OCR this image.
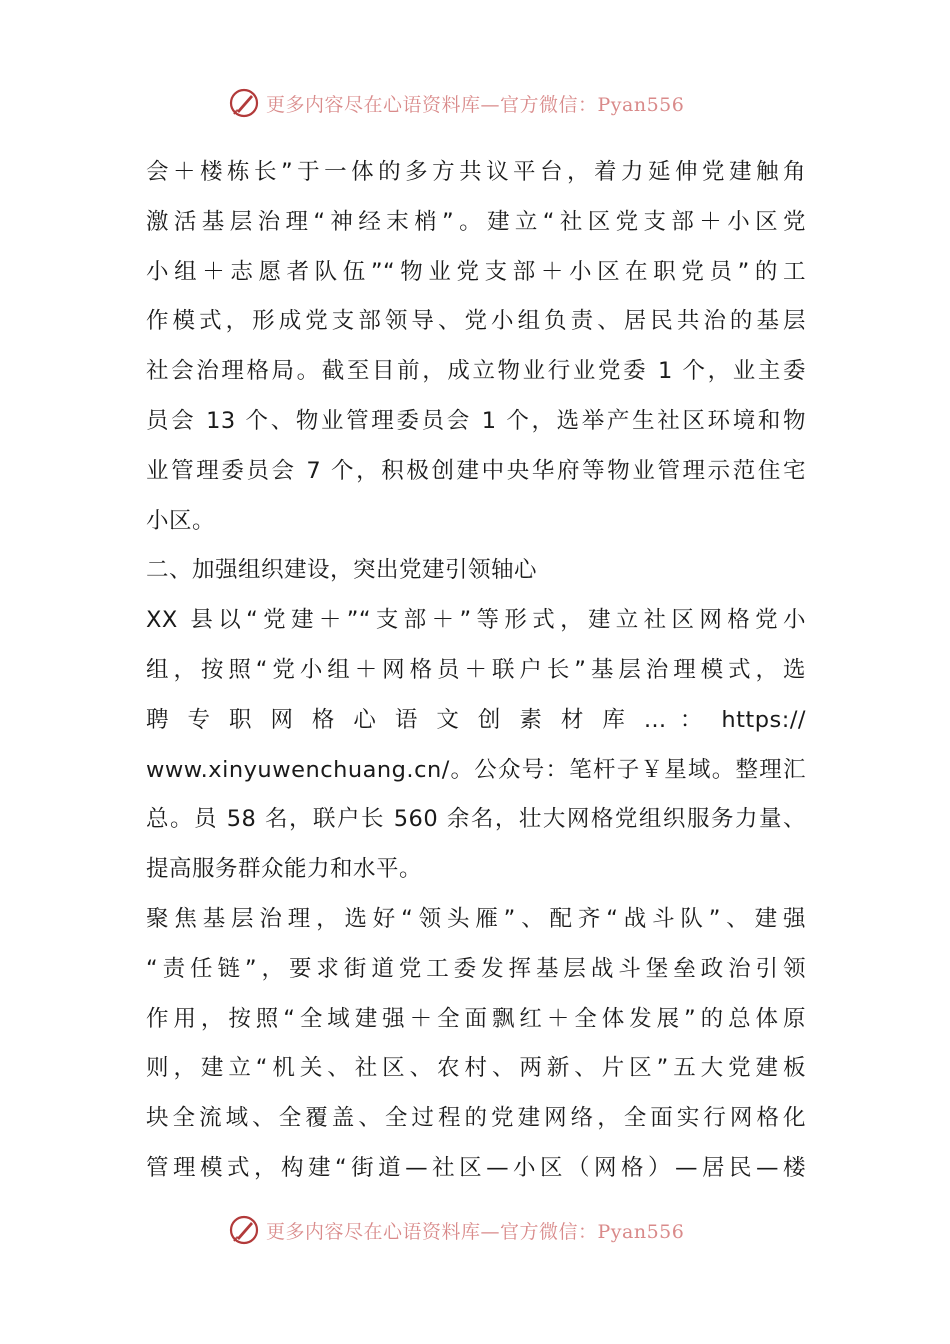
更多内容尽在心语资料库—官方微信：Pyan556
会＋楼栋长”于一体的多方共议平台，着力延伸党建触角
激活基层治理“神经末梢”。建立“社区党支部＋小区党
小组＋志愿者队伍”“物业党支部＋小区在职党员”的工
作模式，形成党支部领导、党小组负责、居民共治的基层
社会治理格局。截至目前，成立物业行业党委 1 个，业主委
员会 13 个、物业管理委员会 1 个，选举产生社区环境和物
业管理委员会 7 个，积极创建中央华府等物业管理示范住宅
小区。
二、加强组织建设，突出党建引领轴心
XX 县以“党建＋”“支部＋”等形式，建立社区网格党小
组，按照“党小组＋网格员＋联户长”基层治理模式，选
聘 专 职 网 格 心 语 文 创 素 材 库 … ： https://
www.xinyuwenchuang.cn/。公众号：笔杆子￥星域。整理汇
总。员 58 名，联户长 560 余名，壮大网格党组织服务力量、
提高服务群众能力和水平。
聚焦基层治理，选好“领头雁”、配齐“战斗队”、建强
“责任链”，要求街道党工委发挥基层战斗堡垒政治引领
作用，按照“全域建强＋全面飘红＋全体发展”的总体原
则，建立“机关、社区、农村、两新、片区”五大党建板
块全流域、全覆盖、全过程的党建网络，全面实行网格化
管理模式，构建“街道—社区—小区（网格）—居民—楼
更多内容尽在心语资料库—官方微信：Pyan556
